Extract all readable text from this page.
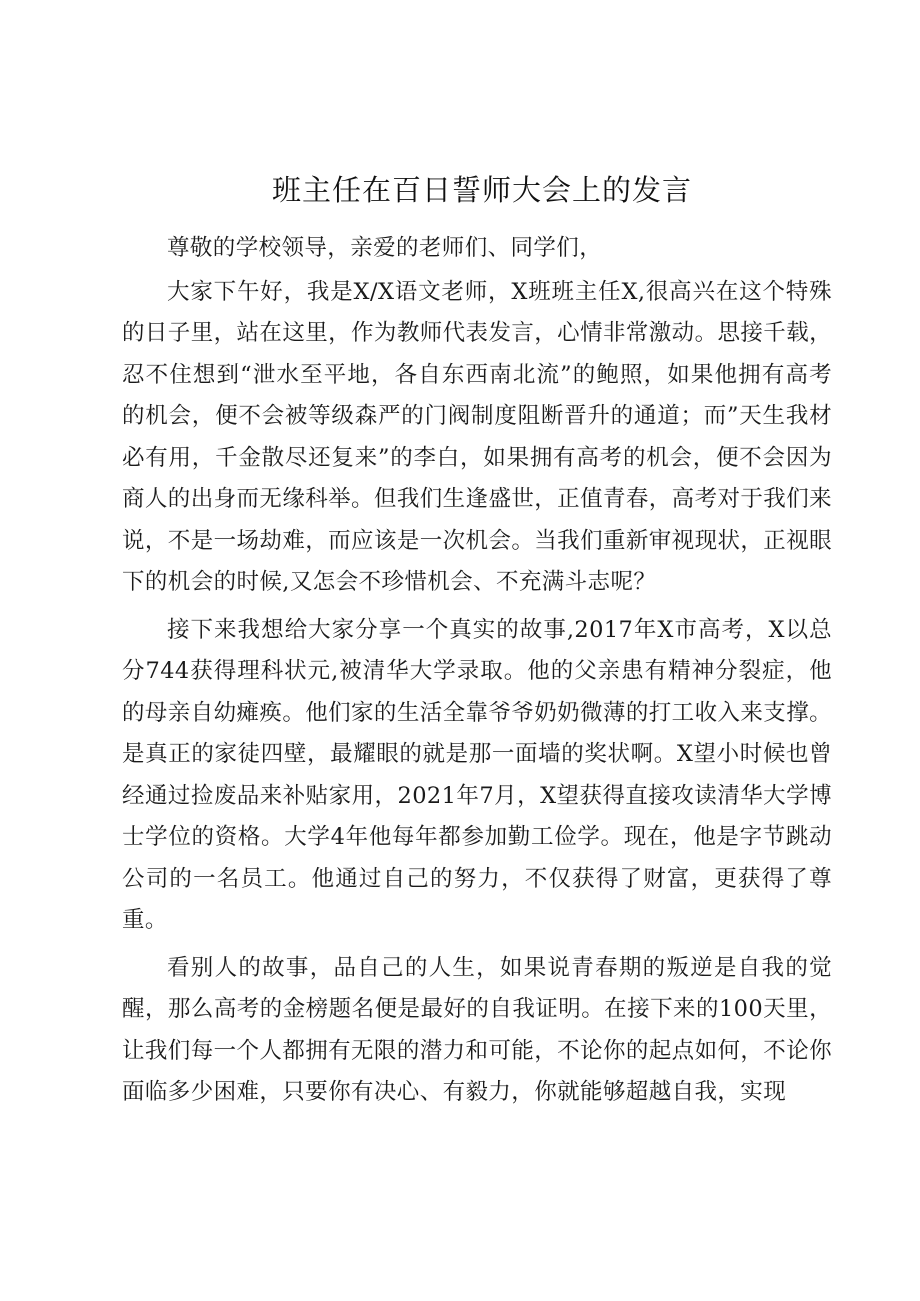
班主任在百日誓师大会上的发言

尊敬的学校领导，亲爱的老师们、同学们，

大家下午好，我是X/X语文老师，X班班主任X,很高兴在这个特殊的日子里，站在这里，作为教师代表发言，心情非常激动。思接千载，忍不住想到“泄水至平地，各自东西南北流”的鲍照，如果他拥有高考的机会，便不会被等级森严的门阀制度阻断晋升的通道；而”天生我材必有用，千金散尽还复来”的李白，如果拥有高考的机会，便不会因为商人的出身而无缘科举。但我们生逢盛世，正值青春，高考对于我们来说，不是一场劫难，而应该是一次机会。当我们重新审视现状，正视眼下的机会的时候,又怎会不珍惜机会、不充满斗志呢？

接下来我想给大家分享一个真实的故事,2017年X市高考，X以总分744获得理科状元,被清华大学录取。他的父亲患有精神分裂症，他的母亲自幼瘫痪。他们家的生活全靠爷爷奶奶微薄的打工收入来支撑。是真正的家徒四壁，最耀眼的就是那一面墙的奖状啊。X望小时候也曾经通过捡废品来补贴家用，2021年7月，X望获得直接攻读清华大学博士学位的资格。大学4年他每年都参加勤工俭学。现在，他是字节跳动公司的一名员工。他通过自己的努力，不仅获得了财富，更获得了尊重。

看别人的故事，品自己的人生，如果说青春期的叛逆是自我的觉醒，那么高考的金榜题名便是最好的自我证明。在接下来的100天里，让我们每一个人都拥有无限的潜力和可能，不论你的起点如何，不论你面临多少困难，只要你有决心、有毅力，你就能够超越自我，实现
